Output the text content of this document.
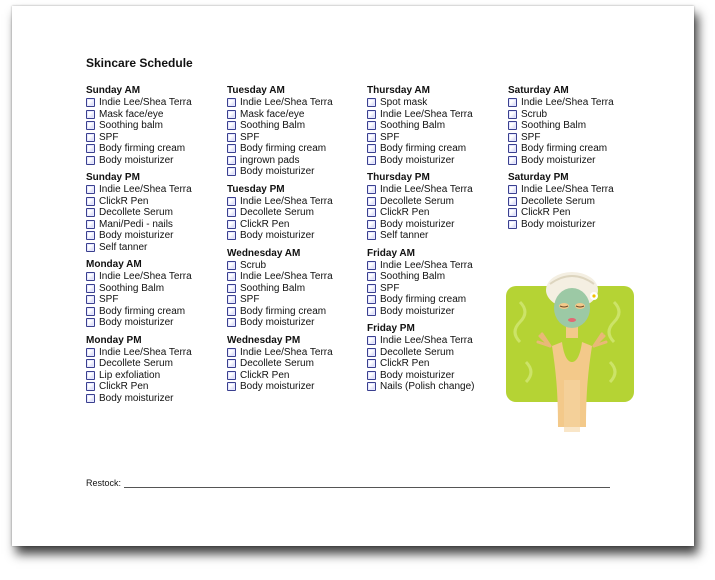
Skincare Schedule
Sunday AM
Indie Lee/Shea Terra
Mask face/eye
Soothing balm
SPF
Body firming cream
Body moisturizer
Sunday PM
Indie Lee/Shea Terra
ClickR Pen
Decollete Serum
Mani/Pedi - nails
Body moisturizer
Self tanner
Monday AM
Indie Lee/Shea Terra
Soothing Balm
SPF
Body firming cream
Body moisturizer
Monday PM
Indie Lee/Shea Terra
Decollete Serum
Lip exfoliation
ClickR Pen
Body moisturizer
Tuesday AM
Indie Lee/Shea Terra
Mask face/eye
Soothing Balm
SPF
Body firming cream
ingrown pads
Body moisturizer
Tuesday PM
Indie Lee/Shea Terra
Decollete Serum
ClickR Pen
Body moisturizer
Wednesday AM
Scrub
Indie Lee/Shea Terra
Soothing Balm
SPF
Body firming cream
Body moisturizer
Wednesday PM
Indie Lee/Shea Terra
Decollete Serum
ClickR Pen
Body moisturizer
Thursday AM
Spot mask
Indie Lee/Shea Terra
Soothing Balm
SPF
Body firming cream
Body moisturizer
Thursday PM
Indie Lee/Shea Terra
Decollete Serum
ClickR Pen
Body moisturizer
Self tanner
Friday AM
Indie Lee/Shea Terra
Soothing Balm
SPF
Body firming cream
Body moisturizer
Friday PM
Indie Lee/Shea Terra
Decollete Serum
ClickR Pen
Body moisturizer
Nails (Polish change)
Saturday AM
Indie Lee/Shea Terra
Scrub
Soothing Balm
SPF
Body firming cream
Body moisturizer
Saturday PM
Indie Lee/Shea Terra
Decollete Serum
ClickR Pen
Body moisturizer
Restock:
